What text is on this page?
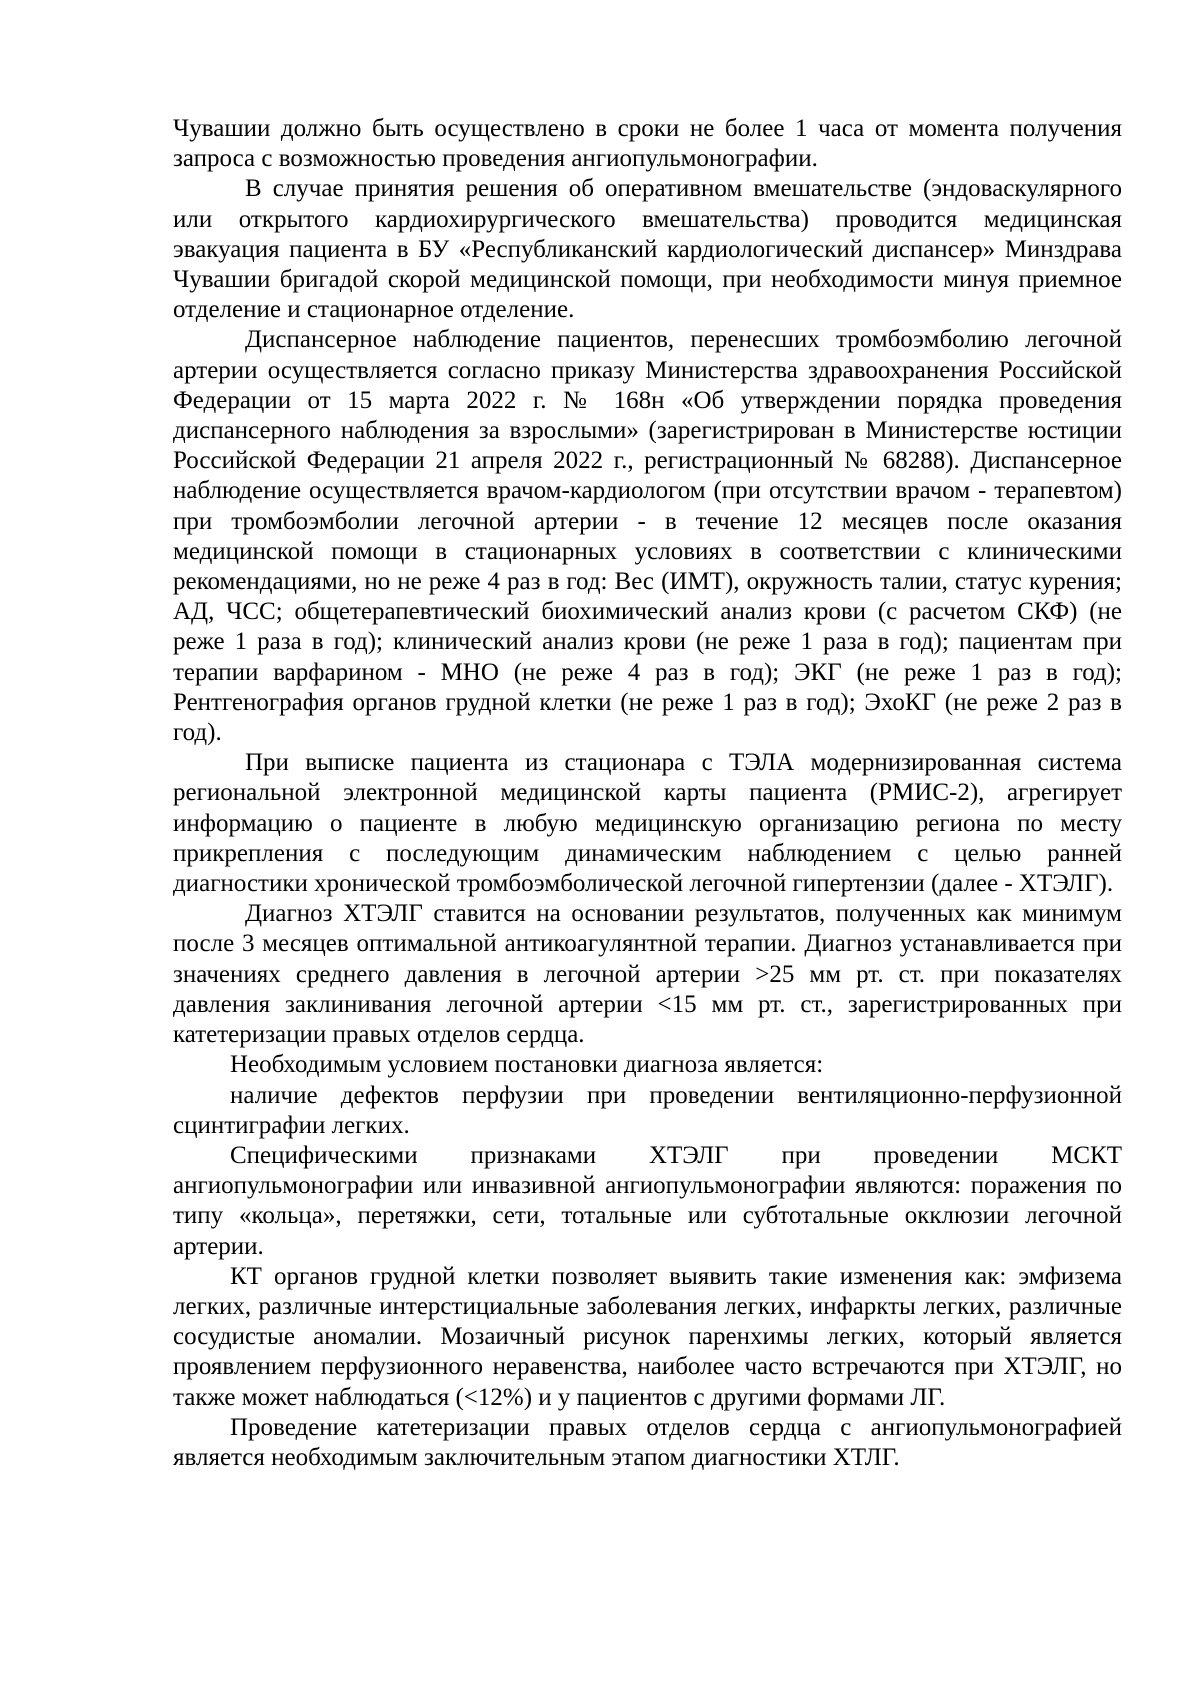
Чувашии должно быть осуществлено в сроки не более 1 часа от момента получения запроса с возможностью проведения ангиопульмонографии.

В случае принятия решения об оперативном вмешательстве (эндоваскулярного или открытого кардиохирургического вмешательства) проводится медицинская эвакуация пациента в БУ «Республиканский кардиологический диспансер» Минздрава Чувашии бригадой скорой медицинской помощи, при необходимости минуя приемное отделение и стационарное отделение.

Диспансерное наблюдение пациентов, перенесших тромбоэмболию легочной артерии осуществляется согласно приказу Министерства здравоохранения Российской Федерации от 15 марта 2022 г. № 168н «Об утверждении порядка проведения диспансерного наблюдения за взрослыми» (зарегистрирован в Министерстве юстиции Российской Федерации 21 апреля 2022 г., регистрационный № 68288). Диспансерное наблюдение осуществляется врачом-кардиологом (при отсутствии врачом - терапевтом) при тромбоэмболии легочной артерии - в течение 12 месяцев после оказания медицинской помощи в стационарных условиях в соответствии с клиническими рекомендациями, но не реже 4 раз в год: Вес (ИМТ), окружность талии, статус курения; АД, ЧСС; общетерапевтический биохимический анализ крови (с расчетом СКФ) (не реже 1 раза в год); клинический анализ крови (не реже 1 раза в год); пациентам при терапии варфарином - МНО (не реже 4 раз в год); ЭКГ (не реже 1 раз в год); Рентгенография органов грудной клетки (не реже 1 раз в год); ЭхоКГ (не реже 2 раз в год).

При выписке пациента из стационара с ТЭЛА модернизированная система региональной электронной медицинской карты пациента (РМИС-2), агрегирует информацию о пациенте в любую медицинскую организацию региона по месту прикрепления с последующим динамическим наблюдением с целью ранней диагностики хронической тромбоэмболической легочной гипертензии (далее - ХТЭЛГ).

Диагноз ХТЭЛГ ставится на основании результатов, полученных как минимум после 3 месяцев оптимальной антикоагулянтной терапии. Диагноз устанавливается при значениях среднего давления в легочной артерии >25 мм рт. ст. при показателях давления заклинивания легочной артерии <15 мм рт. ст., зарегистрированных при катетеризации правых отделов сердца.

Необходимым условием постановки диагноза является:

наличие дефектов перфузии при проведении вентиляционно-перфузионной сцинтиграфии легких.

Специфическими признаками ХТЭЛГ при проведении МСКТ ангиопульмонографии или инвазивной ангиопульмонографии являются: поражения по типу «кольца», перетяжки, сети, тотальные или субтотальные окклюзии легочной артерии.

КТ органов грудной клетки позволяет выявить такие изменения как: эмфизема легких, различные интерстициальные заболевания легких, инфаркты легких, различные сосудистые аномалии. Мозаичный рисунок паренхимы легких, который является проявлением перфузионного неравенства, наиболее часто встречаются при ХТЭЛГ, но также может наблюдаться (<12%) и у пациентов с другими формами ЛГ.

Проведение катетеризации правых отделов сердца с ангиопульмонографией является необходимым заключительным этапом диагностики ХТЛГ.
